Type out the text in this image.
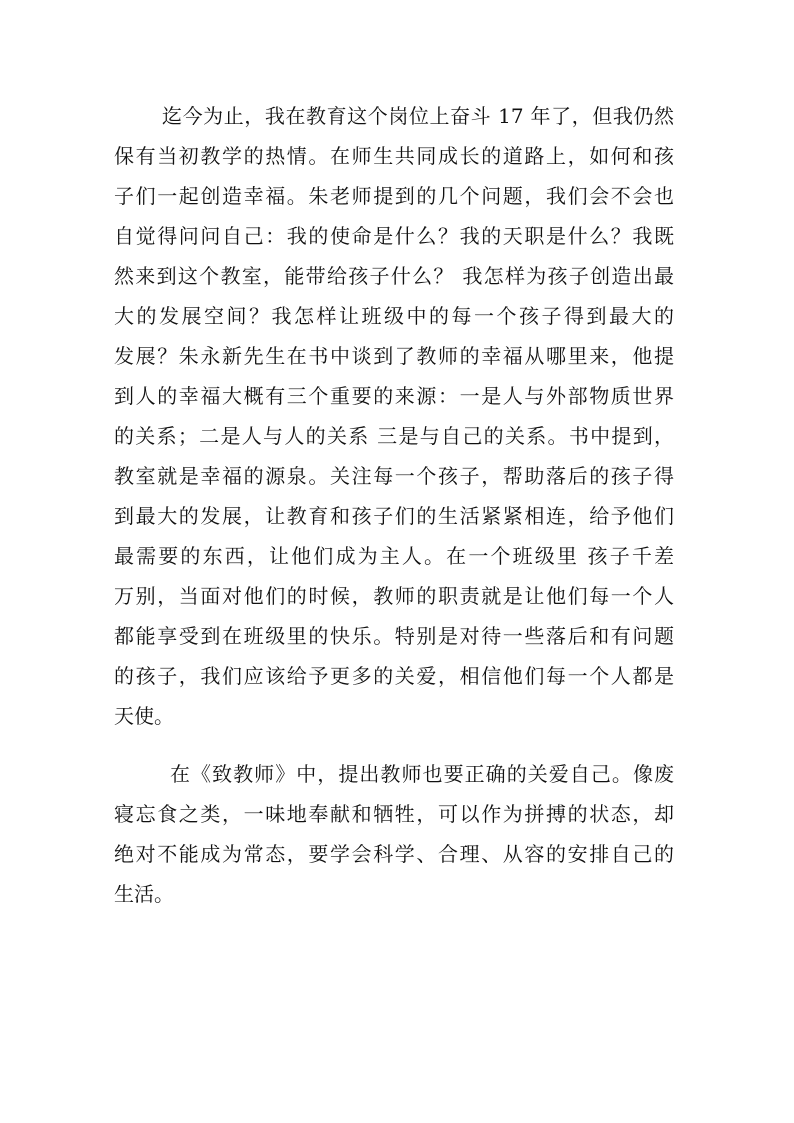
迄今为止，我在教育这个岗位上奋斗 17 年了，但我仍然
保有当初教学的热情。在师生共同成长的道路上，如何和孩
子们一起创造幸福。朱老师提到的几个问题，我们会不会也
自觉得问问自己：我的使命是什么？我的天职是什么？我既
然来到这个教室，能带给孩子什么？ 我怎样为孩子创造出最
大的发展空间？我怎样让班级中的每一个孩子得到最大的
发展？朱永新先生在书中谈到了教师的幸福从哪里来，他提
到人的幸福大概有三个重要的来源：一是人与外部物质世界
的关系；二是人与人的关系 三是与自己的关系。书中提到，
教室就是幸福的源泉。关注每一个孩子，帮助落后的孩子得
到最大的发展，让教育和孩子们的生活紧紧相连，给予他们
最需要的东西，让他们成为主人。在一个班级里 孩子千差
万别，当面对他们的时候，教师的职责就是让他们每一个人
都能享受到在班级里的快乐。特别是对待一些落后和有问题
的孩子，我们应该给予更多的关爱，相信他们每一个人都是
天使。
在《致教师》中，提出教师也要正确的关爱自己。像废
寝忘食之类，一味地奉献和牺牲，可以作为拼搏的状态，却
绝对不能成为常态，要学会科学、合理、从容的安排自己的
生活。
